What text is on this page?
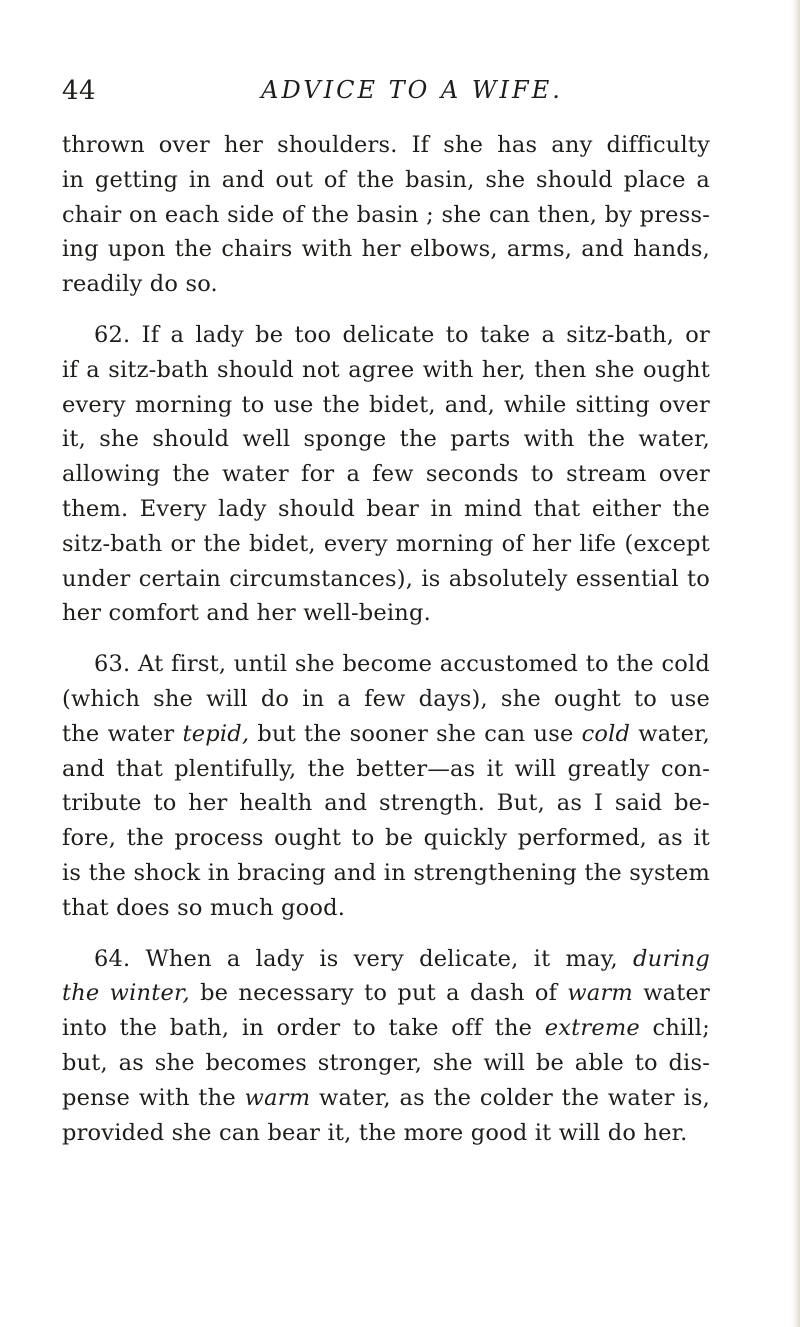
44	ADVICE TO A WIFE.
thrown over her shoulders. If she has any difficulty
in getting in and out of the basin, she should place a
chair on each side of the basin ; she can then, by press-
ing upon the chairs with her elbows, arms, and hands,
readily do so.
62. If a lady be too delicate to take a sitz-bath, or
if a sitz-bath should not agree with her, then she ought
every morning to use the bidet, and, while sitting over
it, she should well sponge the parts with the water,
allowing the water for a few seconds to stream over
them. Every lady should bear in mind that either the
sitz-bath or the bidet, every morning of her life (except
under certain circumstances), is absolutely essential to
her comfort and her well-being.
63. At first, until she become accustomed to the cold
(which she will do in a few days), she ought to use
the water tepid, but the sooner she can use cold water,
and that plentifully, the better—as it will greatly con-
tribute to her health and strength. But, as I said be-
fore, the process ought to be quickly performed, as it
is the shock in bracing and in strengthening the system
that does so much good.
64. When a lady is very delicate, it may, during
the winter, be necessary to put a dash of warm water
into the bath, in order to take off the extreme chill;
but, as she becomes stronger, she will be able to dis-
pense with the warm water, as the colder the water is,
provided she can bear it, the more good it will do her.
